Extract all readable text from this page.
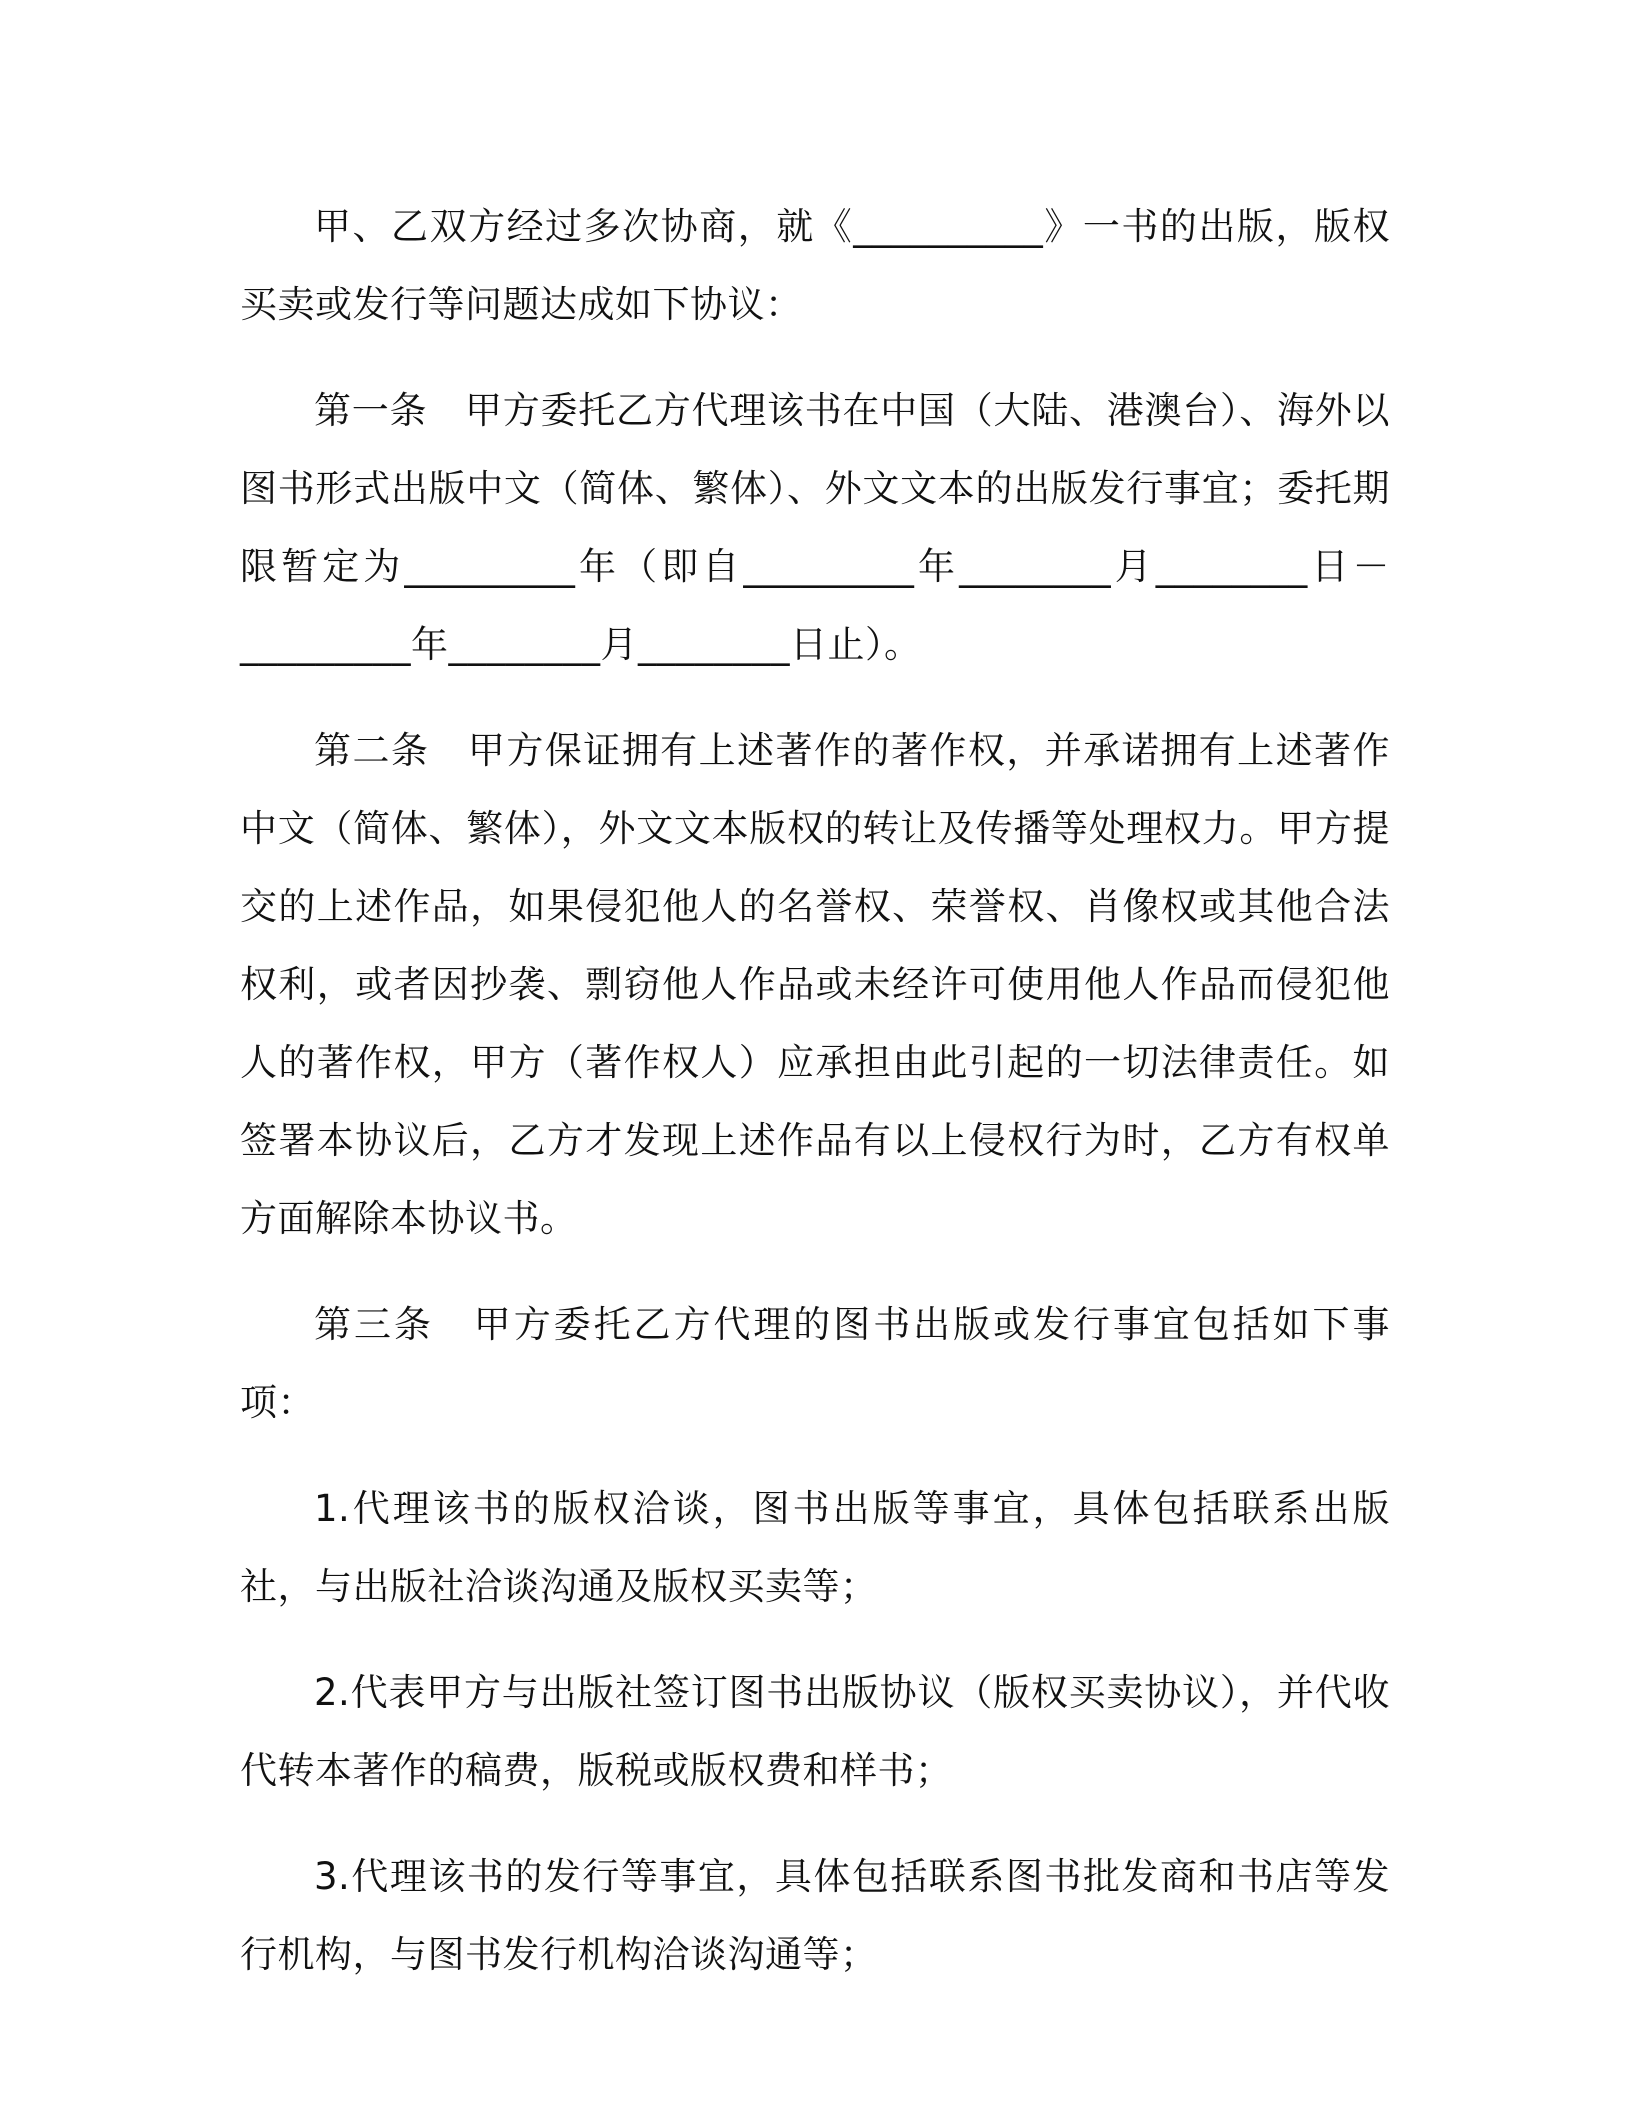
甲、乙双方经过多次协商，就《__________》一书的出版，版权买卖或发行等问题达成如下协议：

第一条　甲方委托乙方代理该书在中国（大陆、港澳台）、海外以图书形式出版中文（简体、繁体）、外文文本的出版发行事宜；委托期限暂定为_________年（即自_________年________月________日－_________年________月________日止）。

第二条　甲方保证拥有上述著作的著作权，并承诺拥有上述著作中文（简体、繁体），外文文本版权的转让及传播等处理权力。甲方提交的上述作品，如果侵犯他人的名誉权、荣誉权、肖像权或其他合法权利，或者因抄袭、剽窃他人作品或未经许可使用他人作品而侵犯他人的著作权，甲方（著作权人）应承担由此引起的一切法律责任。如签署本协议后，乙方才发现上述作品有以上侵权行为时，乙方有权单方面解除本协议书。

第三条　甲方委托乙方代理的图书出版或发行事宜包括如下事项：

1.代理该书的版权洽谈，图书出版等事宜，具体包括联系出版社，与出版社洽谈沟通及版权买卖等；

2.代表甲方与出版社签订图书出版协议（版权买卖协议），并代收代转本著作的稿费，版税或版权费和样书；

3.代理该书的发行等事宜，具体包括联系图书批发商和书店等发行机构，与图书发行机构洽谈沟通等；
